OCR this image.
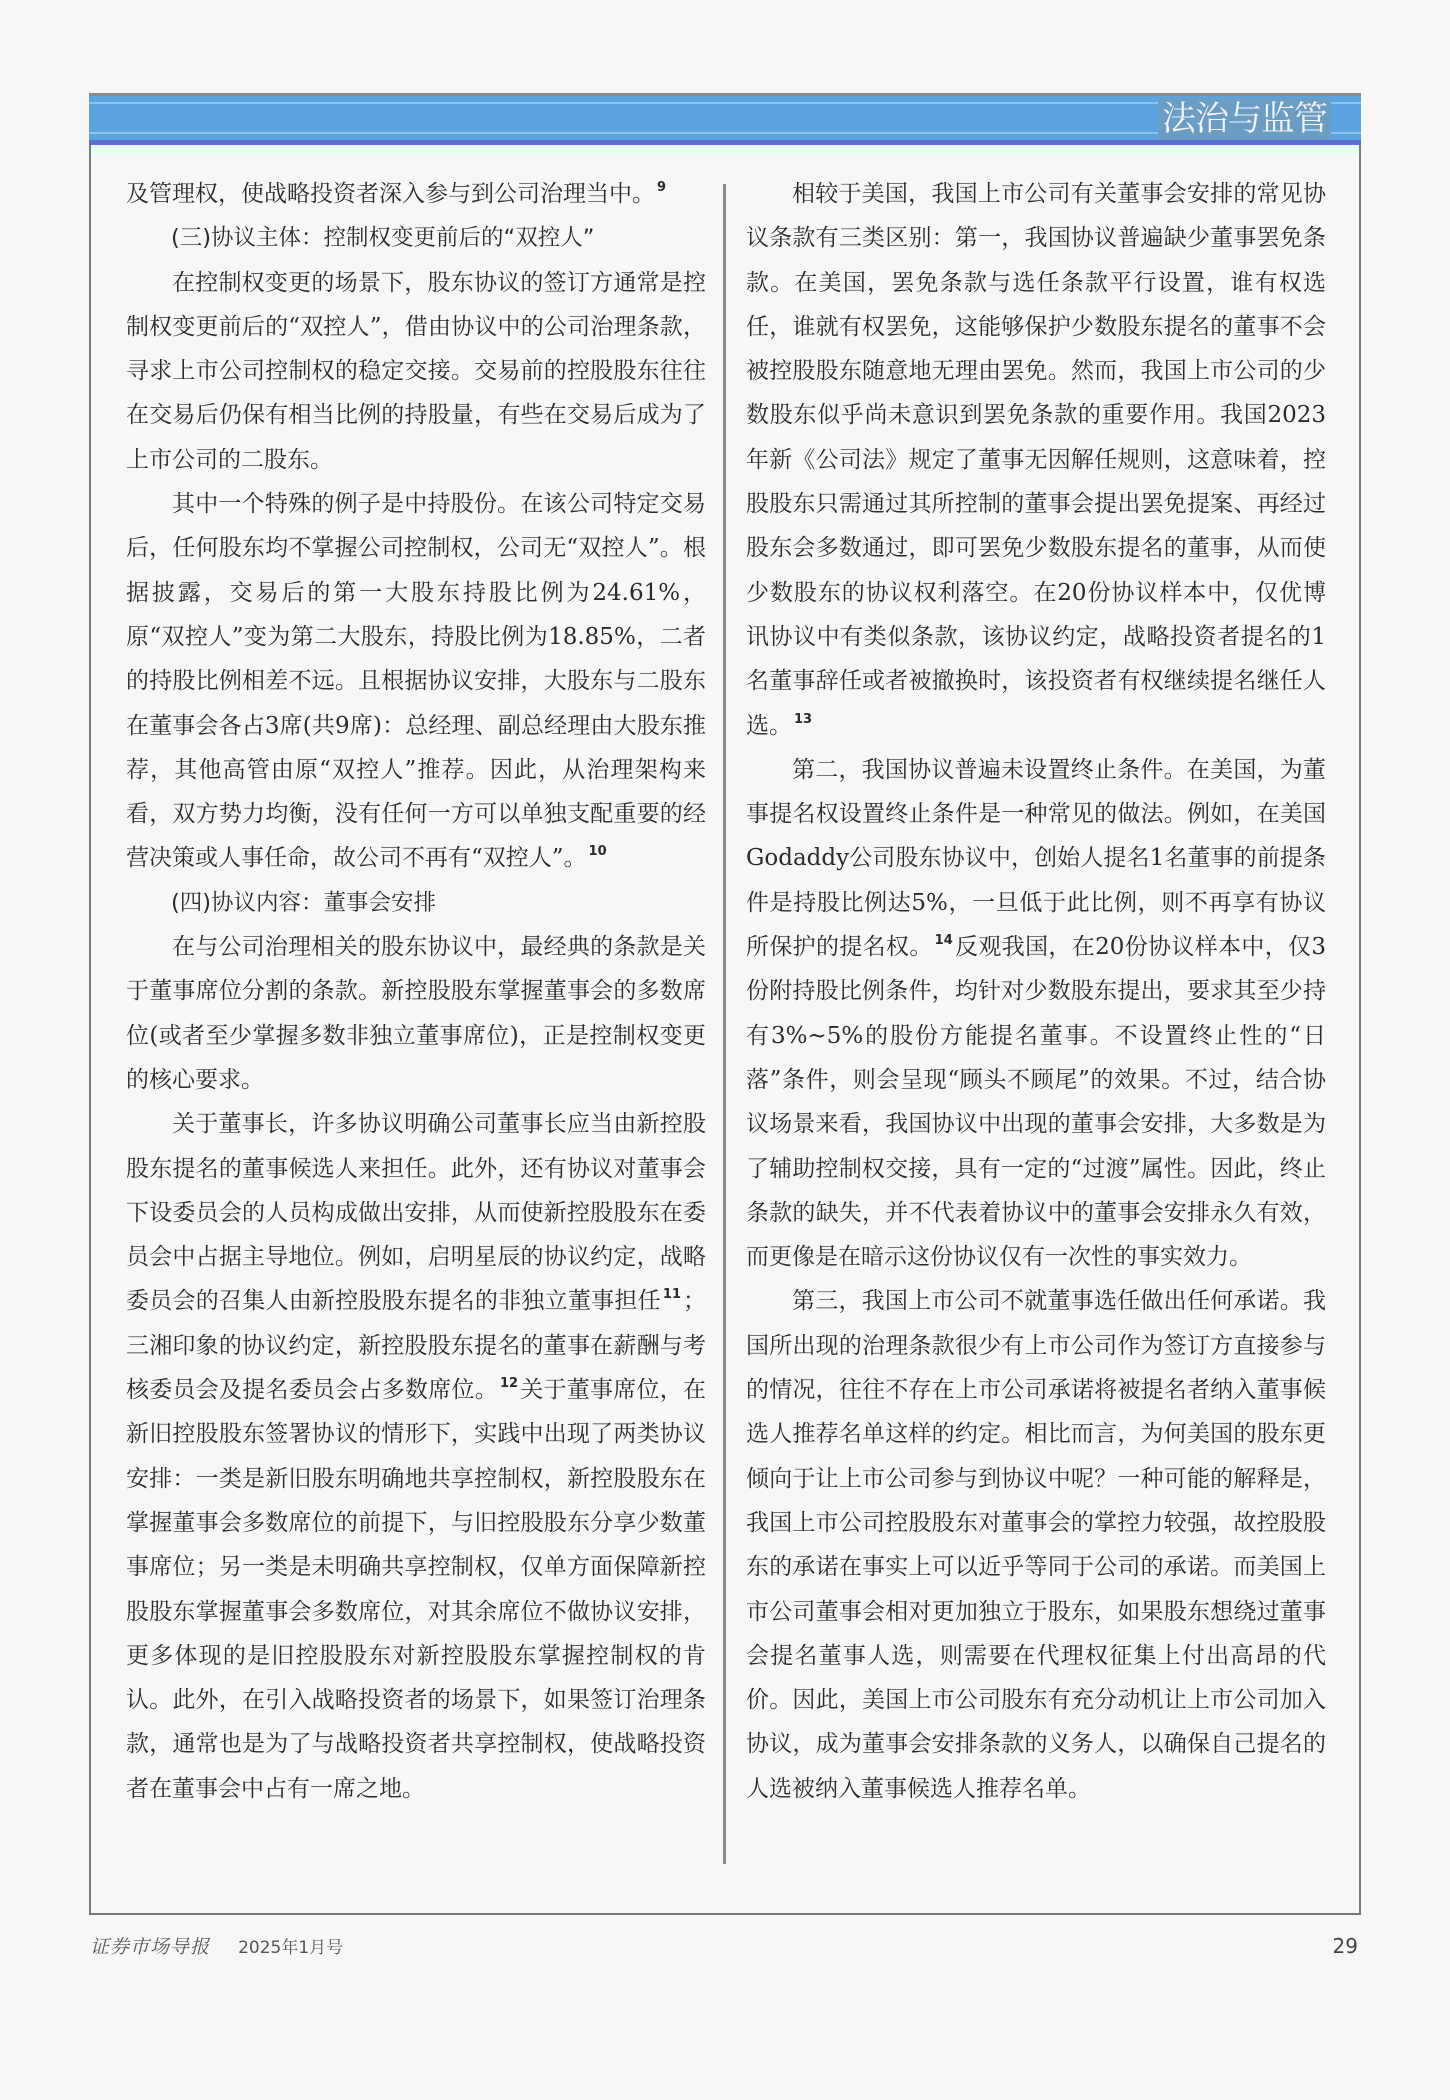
法治与监管

及管理权，使战略投资者深入参与到公司治理当中。 $^9$

(三)协议主体：控制权变更前后的“双控人”

在控制权变更的场景下，股东协议的签订方通常是控制权变更前后的“双控人”，借由协议中的公司治理条款，寻求上市公司控制权的稳定交接。交易前的控股股东往往在交易后仍保有相当比例的持股量，有些在交易后成为了上市公司的二股东。

其中一个特殊的例子是中持股份。在该公司特定交易后，任何股东均不掌握公司控制权，公司无“双控人”。根据披露，交易后的第一大股东持股比例为24.61%，原“双控人”变为第二大股东，持股比例为18.85%，二者的持股比例相差不远。且根据协议安排，大股东与二股东在董事会各占3席(共9席)：总经理、副总经理由大股东推荐，其他高管由原“双控人”推荐。因此，从治理架构来看，双方势力均衡，没有任何一方可以单独支配重要的经营决策或人事任命，故公司不再有“双控人”。 $^{10}$

(四)协议内容：董事会安排

在与公司治理相关的股东协议中，最经典的条款是关于董事席位分割的条款。新控股股东掌握董事会的多数席位(或者至少掌握多数非独立董事席位)，正是控制权变更的核心要求。

关于董事长，许多协议明确公司董事长应当由新控股股东提名的董事候选人来担任。此外，还有协议对董事会下设委员会的人员构成做出安排，从而使新控股股东在委员会中占据主导地位。例如，启明星辰的协议约定，战略委员会的召集人由新控股股东提名的非独立董事担任 $^{11}$；三湘印象的协议约定，新控股股东提名的董事在薪酬与考核委员会及提名委员会占多数席位。 $^{12}$关于董事席位，在新旧控股股东签署协议的情形下，实践中出现了两类协议安排：一类是新旧股东明确地共享控制权，新控股股东在掌握董事会多数席位的前提下，与旧控股股东分享少数董事席位；另一类是未明确共享控制权，仅单方面保障新控股股东掌握董事会多数席位，对其余席位不做协议安排，更多体现的是旧控股股东对新控股股东掌握控制权的肯认。此外，在引入战略投资者的场景下，如果签订治理条款，通常也是为了与战略投资者共享控制权，使战略投资者在董事会中占有一席之地。

相较于美国，我国上市公司有关董事会安排的常见协议条款有三类区别：第一，我国协议普遍缺少董事罢免条款。在美国，罢免条款与选任条款平行设置，谁有权选任，谁就有权罢免，这能够保护少数股东提名的董事不会被控股股东随意地无理由罢免。然而，我国上市公司的少数股东似乎尚未意识到罢免条款的重要作用。我国2023年新《公司法》规定了董事无因解任规则，这意味着，控股股东只需通过其所控制的董事会提出罢免提案、再经过股东会多数通过，即可罢免少数股东提名的董事，从而使少数股东的协议权利落空。在20份协议样本中，仅优博讯协议中有类似条款，该协议约定，战略投资者提名的1名董事辞任或者被撤换时，该投资者有权继续提名继任人选。 $^{13}$

第二，我国协议普遍未设置终止条件。在美国，为董事提名权设置终止条件是一种常见的做法。例如，在美国Godaddy公司股东协议中，创始人提名1名董事的前提条件是持股比例达5%，一旦低于此比例，则不再享有协议所保护的提名权。 $^{14}$反观我国，在20份协议样本中，仅3份附持股比例条件，均针对少数股东提出，要求其至少持有3%~5%的股份方能提名董事。不设置终止性的“日落”条件，则会呈现“顾头不顾尾”的效果。不过，结合协议场景来看，我国协议中出现的董事会安排，大多数是为了辅助控制权交接，具有一定的“过渡”属性。因此，终止条款的缺失，并不代表着协议中的董事会安排永久有效，而更像是在暗示这份协议仅有一次性的事实效力。

第三，我国上市公司不就董事选任做出任何承诺。我国所出现的治理条款很少有上市公司作为签订方直接参与的情况，往往不存在上市公司承诺将被提名者纳入董事候选人推荐名单这样的约定。相比而言，为何美国的股东更倾向于让上市公司参与到协议中呢？一种可能的解释是，我国上市公司控股股东对董事会的掌控力较强，故控股股东的承诺在事实上可以近乎等同于公司的承诺。而美国上市公司董事会相对更加独立于股东，如果股东想绕过董事会提名董事人选，则需要在代理权征集上付出高昂的代价。因此，美国上市公司股东有充分动机让上市公司加入协议，成为董事会安排条款的义务人，以确保自己提名的人选被纳入董事候选人推荐名单。

证券市场导报 2025年1月号	29
